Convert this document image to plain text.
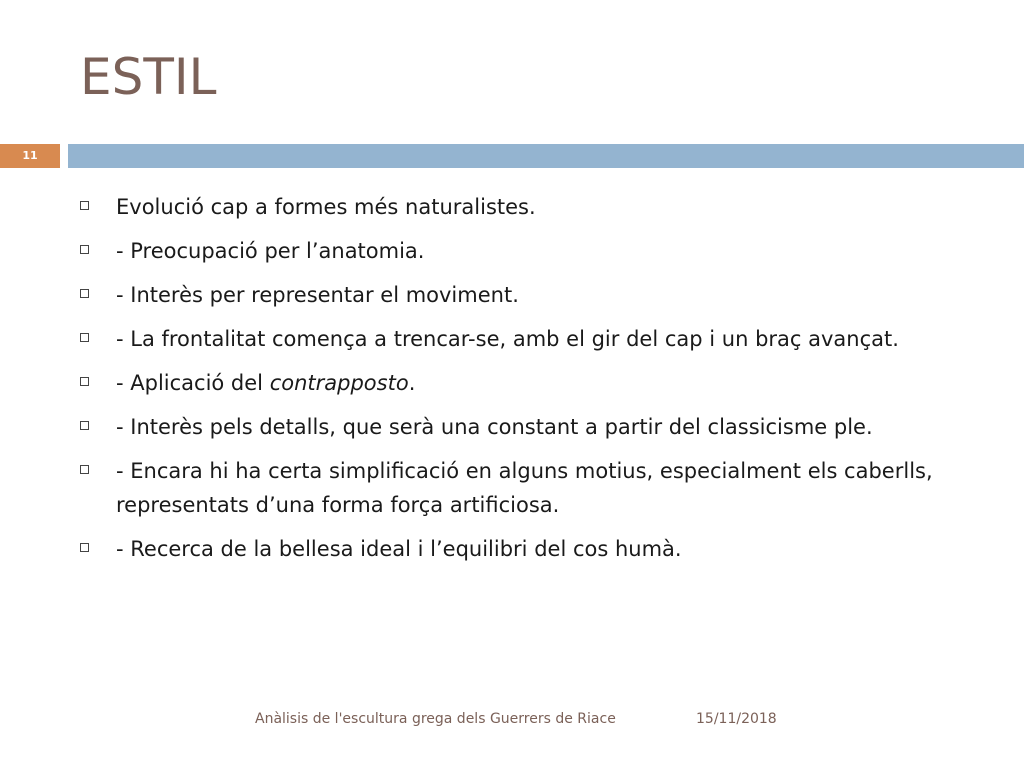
ESTIL
11
Evolució cap a formes més naturalistes.
- Preocupació per l’anatomia.
- Interès per representar el moviment.
- La frontalitat comença a trencar-se, amb el gir del cap i un braç avançat.
- Aplicació del contrapposto.
- Interès pels detalls, que serà una constant a partir del classicisme ple.
- Encara hi ha certa simplificació en alguns motius, especialment els caberlls, representats d’una forma força artificiosa.
- Recerca de la bellesa ideal i l’equilibri del cos humà.
Anàlisis de l'escultura grega dels Guerrers de Riace	15/11/2018
